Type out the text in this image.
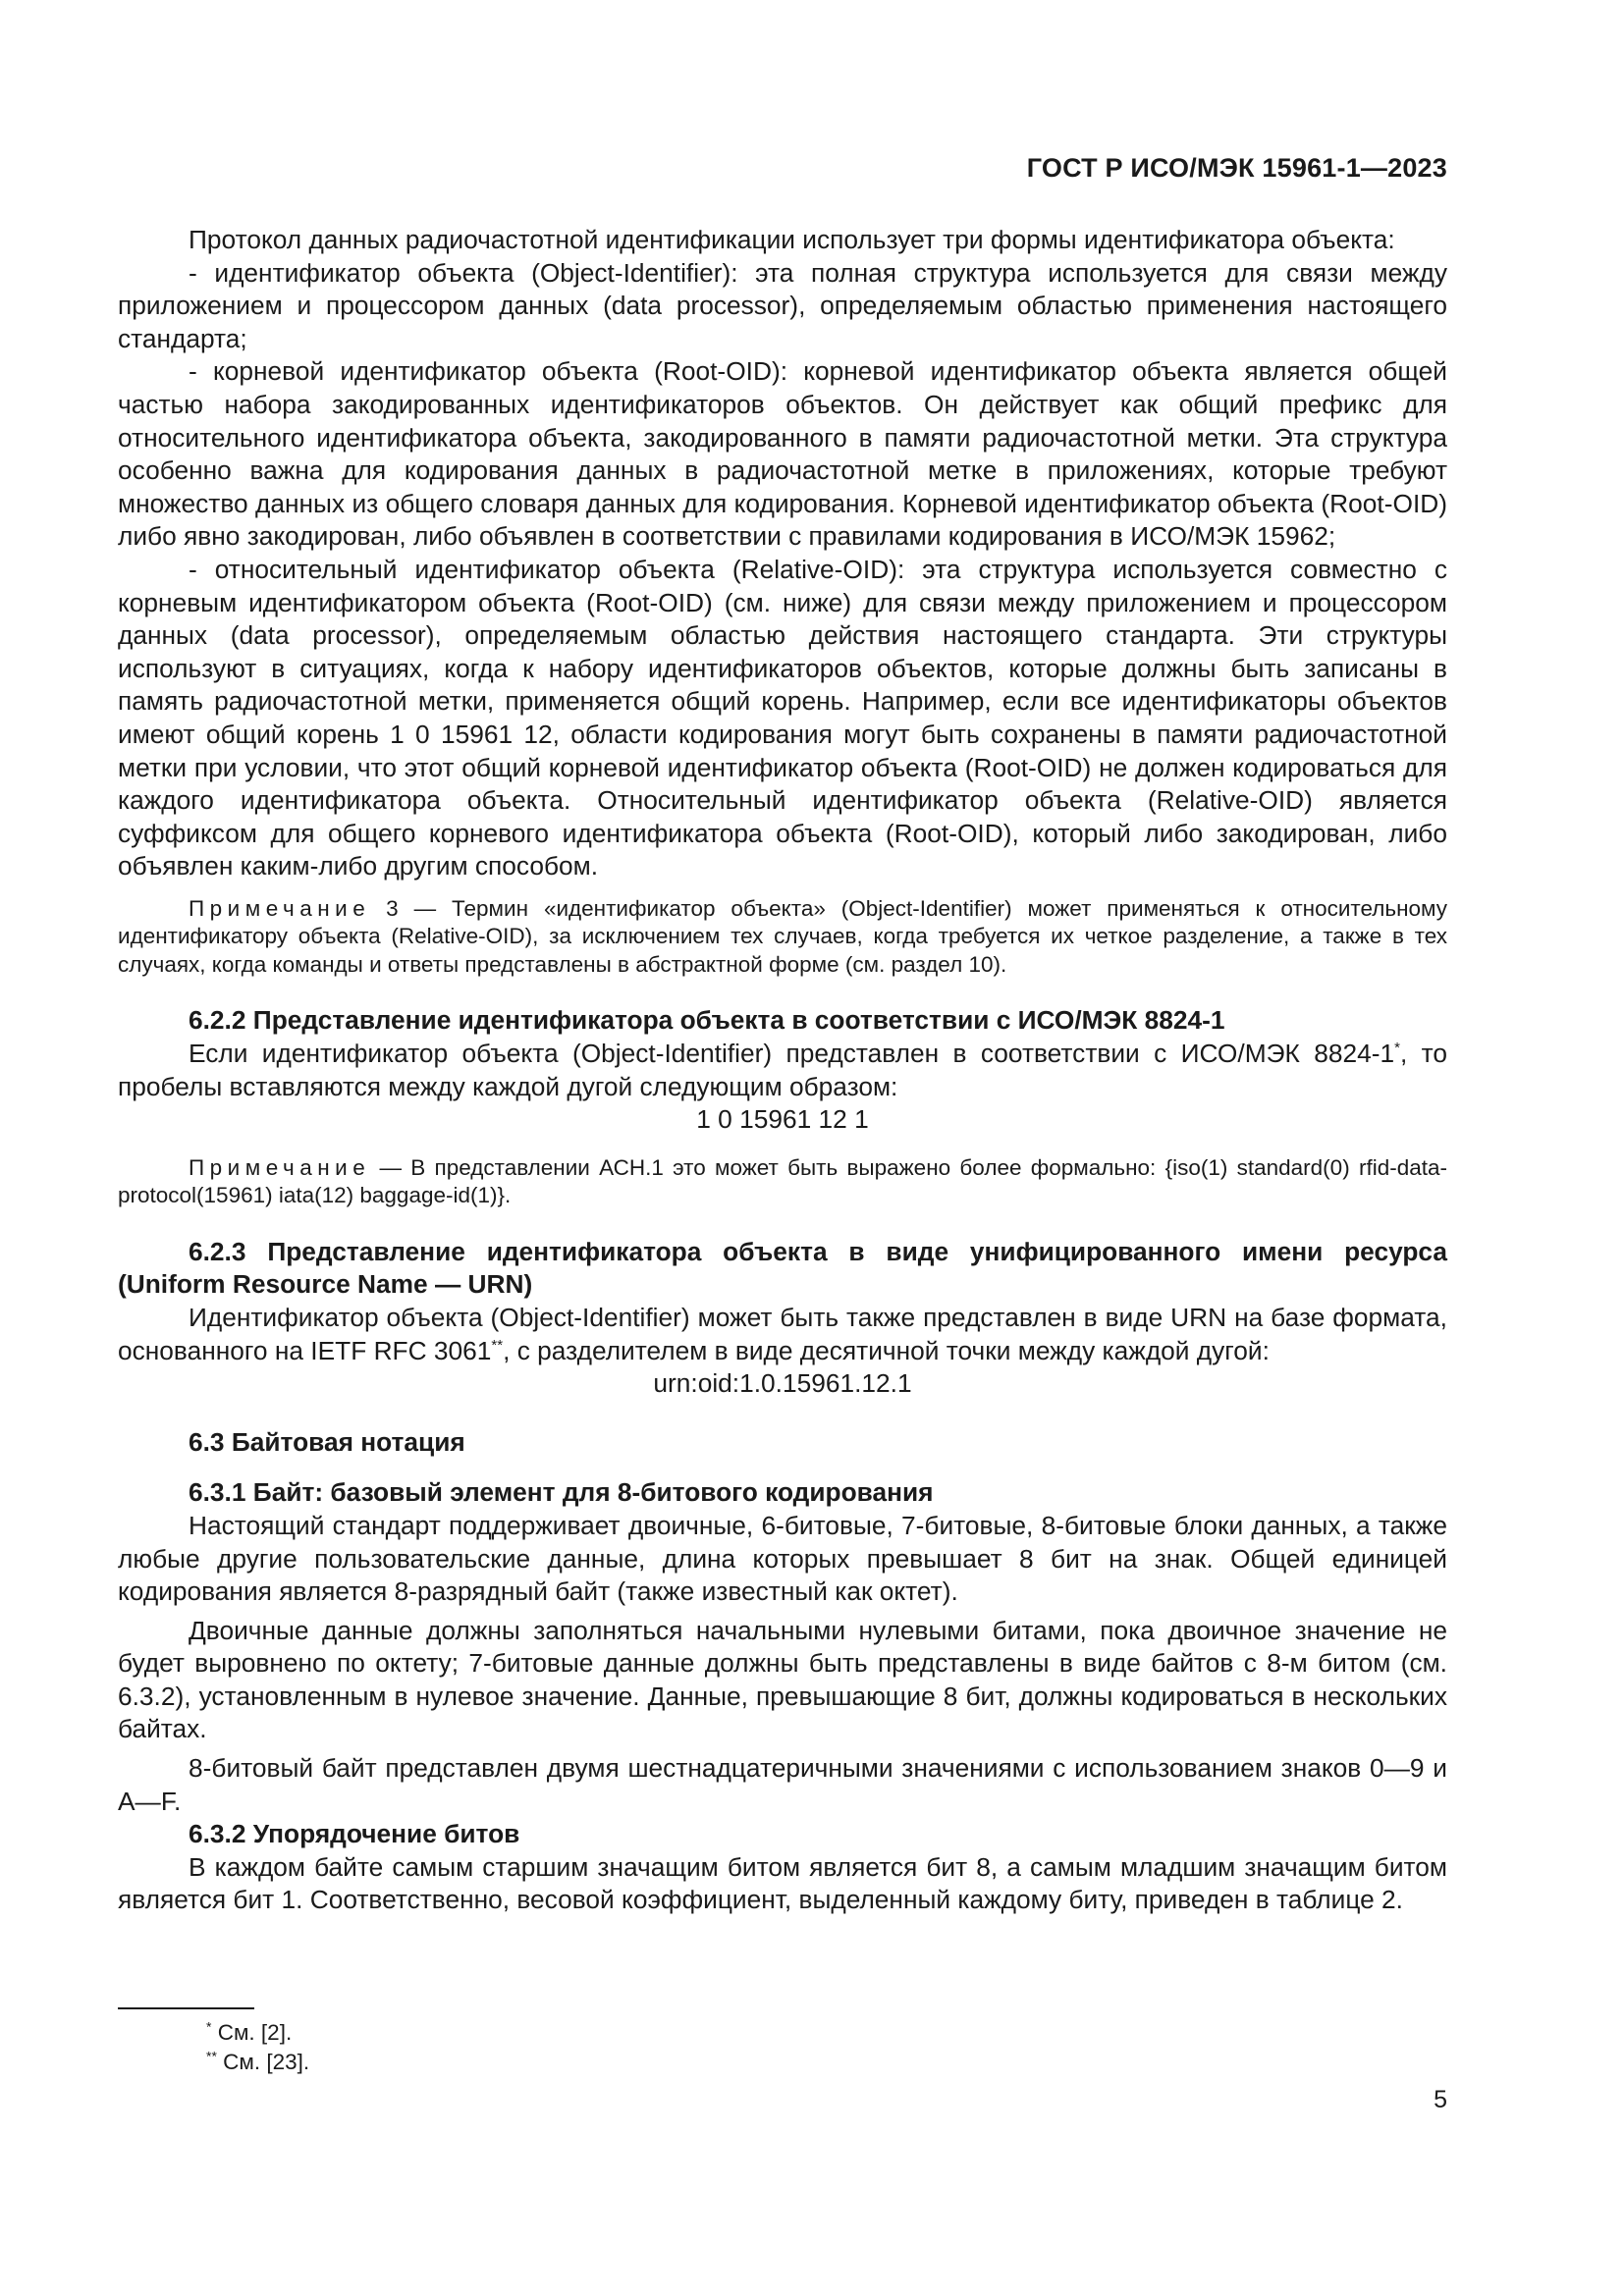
ГОСТ Р ИСО/МЭК 15961-1—2023

Протокол данных радиочастотной идентификации использует три формы идентификатора объекта:

- идентификатор объекта (Object-Identifier): эта полная структура используется для связи между приложением и процессором данных (data processor), определяемым областью применения настоящего стандарта;

- корневой идентификатор объекта (Root-OID): корневой идентификатор объекта является общей частью набора закодированных идентификаторов объектов. Он действует как общий префикс для относительного идентификатора объекта, закодированного в памяти радиочастотной метки. Эта структура особенно важна для кодирования данных в радиочастотной метке в приложениях, которые требуют множество данных из общего словаря данных для кодирования. Корневой идентификатор объекта (Root-OID) либо явно закодирован, либо объявлен в соответствии с правилами кодирования в ИСО/МЭК 15962;

- относительный идентификатор объекта (Relative-OID): эта структура используется совместно с корневым идентификатором объекта (Root-OID) (см. ниже) для связи между приложением и процессором данных (data processor), определяемым областью действия настоящего стандарта. Эти структуры используют в ситуациях, когда к набору идентификаторов объектов, которые должны быть записаны в память радиочастотной метки, применяется общий корень. Например, если все идентификаторы объектов имеют общий корень 1 0 15961 12, области кодирования могут быть сохранены в памяти радиочастотной метки при условии, что этот общий корневой идентификатор объекта (Root-OID) не должен кодироваться для каждого идентификатора объекта. Относительный идентификатор объекта (Relative-OID) является суффиксом для общего корневого идентификатора объекта (Root-OID), который либо закодирован, либо объявлен каким-либо другим способом.

Примечание 3 — Термин «идентификатор объекта» (Object-Identifier) может применяться к относительному идентификатору объекта (Relative-OID), за исключением тех случаев, когда требуется их четкое разделение, а также в тех случаях, когда команды и ответы представлены в абстрактной форме (см. раздел 10).

6.2.2 Представление идентификатора объекта в соответствии с ИСО/МЭК 8824-1

Если идентификатор объекта (Object-Identifier) представлен в соответствии с ИСО/МЭК 8824-1*, то пробелы вставляются между каждой дугой следующим образом:

1 0 15961 12 1

Примечание — В представлении АСН.1 это может быть выражено более формально: {iso(1) standard(0) rfid-data-protocol(15961) iata(12) baggage-id(1)}.

6.2.3 Представление идентификатора объекта в виде унифицированного имени ресурса (Uniform Resource Name — URN)

Идентификатор объекта (Object-Identifier) может быть также представлен в виде URN на базе формата, основанного на IETF RFC 3061**, с разделителем в виде десятичной точки между каждой дугой:

urn:oid:1.0.15961.12.1

6.3 Байтовая нотация

6.3.1 Байт: базовый элемент для 8-битового кодирования

Настоящий стандарт поддерживает двоичные, 6-битовые, 7-битовые, 8-битовые блоки данных, а также любые другие пользовательские данные, длина которых превышает 8 бит на знак. Общей единицей кодирования является 8-разрядный байт (также известный как октет).

Двоичные данные должны заполняться начальными нулевыми битами, пока двоичное значение не будет выровнено по октету; 7-битовые данные должны быть представлены в виде байтов с 8-м битом (см. 6.3.2), установленным в нулевое значение. Данные, превышающие 8 бит, должны кодироваться в нескольких байтах.

8-битовый байт представлен двумя шестнадцатеричными значениями с использованием знаков 0—9 и A—F.

6.3.2 Упорядочение битов

В каждом байте самым старшим значащим битом является бит 8, а самым младшим значащим битом является бит 1. Соответственно, весовой коэффициент, выделенный каждому биту, приведен в таблице 2.

* См. [2].
** См. [23].
5
